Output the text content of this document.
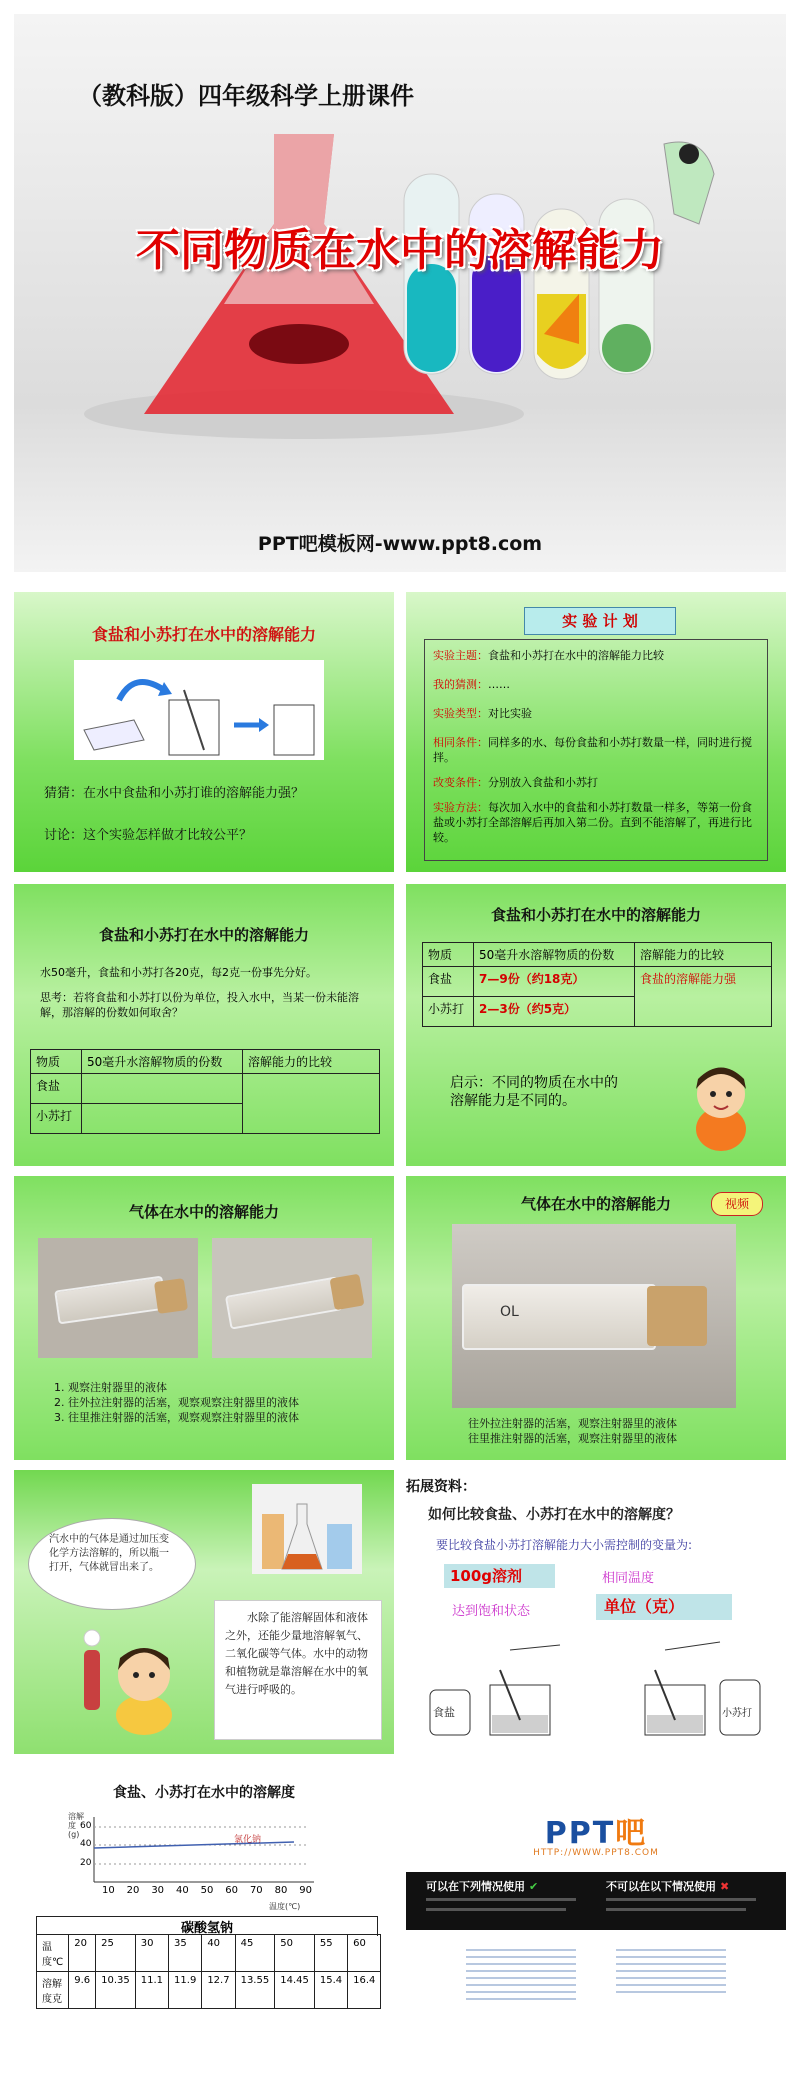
（教科版）四年级科学上册课件
不同物质在水中的溶解能力
PPT吧模板网-www.ppt8.com
食盐和小苏打在水中的溶解能力
猜猜：在水中食盐和小苏打谁的溶解能力强？
讨论：这个实验怎样做才比较公平？
实 验 计 划
实验主题：食盐和小苏打在水中的溶解能力比较
我的猜测：……
实验类型：对比实验
相同条件：同样多的水、每份食盐和小苏打数量一样，同时进行搅拌。
改变条件：分别放入食盐和小苏打
实验方法：每次加入水中的食盐和小苏打数量一样多，等第一份食盐或小苏打全部溶解后再加入第二份。直到不能溶解了，再进行比较。
食盐和小苏打在水中的溶解能力
水50毫升，食盐和小苏打各20克，每2克一份事先分好。
思考：若将食盐和小苏打以份为单位，投入水中，当某一份未能溶解，那溶解的份数如何取舍？
物质	50毫升水溶解物质的份数	溶解能力的比较
食盐		
小苏打		
食盐和小苏打在水中的溶解能力
物质	50毫升水溶解物质的份数	溶解能力的比较
食盐	7—9份（约18克）	食盐的溶解能力强
小苏打	2—3份（约5克）	
启示：不同的物质在水中的溶解能力是不同的。
气体在水中的溶解能力
1. 观察注射器里的液体
2. 往外拉注射器的活塞，观察观察注射器里的液体
3. 往里推注射器的活塞，观察观察注射器里的液体
气体在水中的溶解能力	视频
OL
往外拉注射器的活塞，观察注射器里的液体
往里推注射器的活塞，观察注射器里的液体
汽水中的气体是通过加压变化学方法溶解的，所以瓶一打开，气体就冒出来了。
水除了能溶解固体和液体之外，还能少量地溶解氧气、二氧化碳等气体。水中的动物和植物就是靠溶解在水中的氧气进行呼吸的。
拓展资料：
如何比较食盐、小苏打在水中的溶解度？
要比较食盐小苏打溶解能力大小需控制的变量为:
100g溶剂	相同温度
达到饱和状态	单位（克）
食盐	小苏打
食盐、小苏打在水中的溶解度
溶解度(g)
60
40
20
氯化钠
10 20 30 40 50 60 70 80 90
温度(℃)
碳酸氢钠
温度℃	20	25	30	35	40	45	50	55	60
溶解度克	9.6	10.35	11.1	11.9	12.7	13.55	14.45	15.4	16.4
PPT吧
HTTP://WWW.PPT8.COM
可以在下列情况使用 ✔	不可以在以下情况使用 ✖
